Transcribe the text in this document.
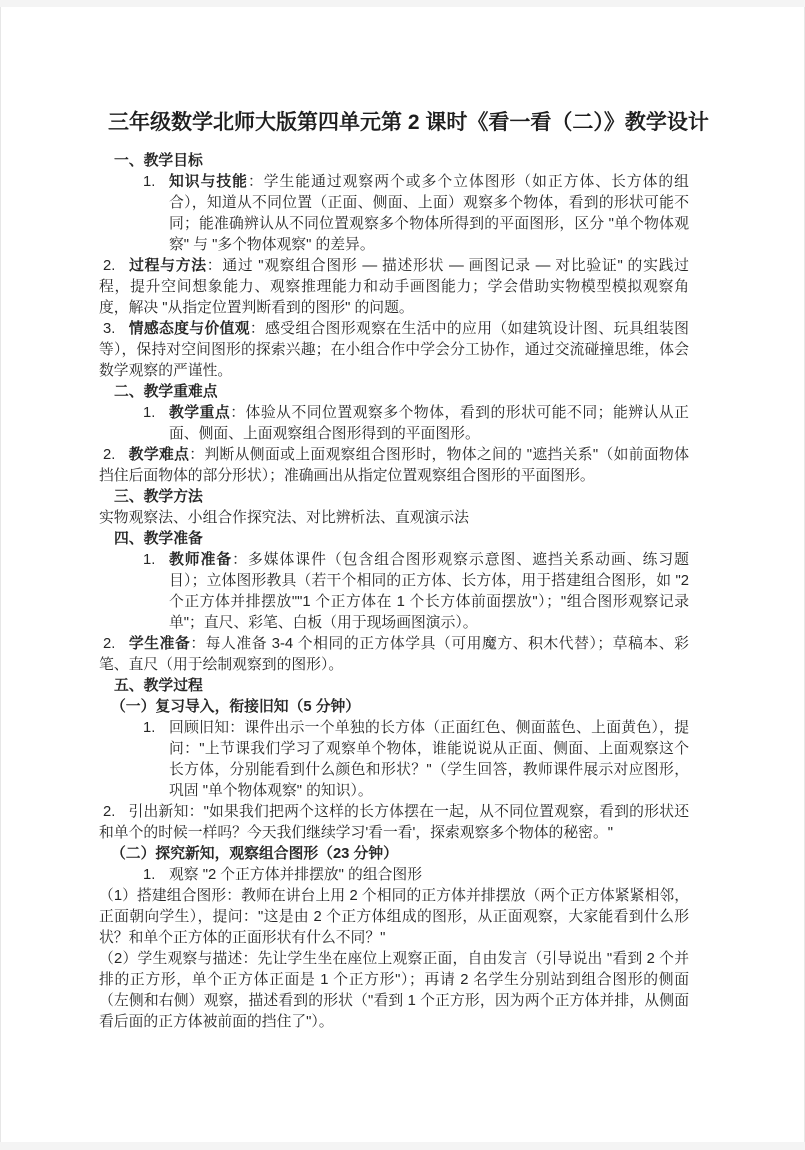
三年级数学北师大版第四单元第 2 课时《看一看（二）》教学设计
一、教学目标
1. 知识与技能：学生能通过观察两个或多个立体图形（如正方体、长方体的组合），知道从不同位置（正面、侧面、上面）观察多个物体，看到的形状可能不同；能准确辨认从不同位置观察多个物体所得到的平面图形，区分 "单个物体观察" 与 "多个物体观察" 的差异。

2. 过程与方法：通过 "观察组合图形 — 描述形状 — 画图记录 — 对比验证" 的实践过程，提升空间想象能力、观察推理能力和动手画图能力；学会借助实物模型模拟观察角度，解决 "从指定位置判断看到的图形" 的问题。

3. 情感态度与价值观：感受组合图形观察在生活中的应用（如建筑设计图、玩具组装图等），保持对空间图形的探索兴趣；在小组合作中学会分工协作，通过交流碰撞思维，体会数学观察的严谨性。

二、教学重难点
1. 教学重点：体验从不同位置观察多个物体，看到的形状可能不同；能辨认从正面、侧面、上面观察组合图形得到的平面图形。

2. 教学难点：判断从侧面或上面观察组合图形时，物体之间的 "遮挡关系"（如前面物体挡住后面物体的部分形状）；准确画出从指定位置观察组合图形的平面图形。

三、教学方法

实物观察法、小组合作探究法、对比辨析法、直观演示法

四、教学准备
1. 教师准备：多媒体课件（包含组合图形观察示意图、遮挡关系动画、练习题目）；立体图形教具（若干个相同的正方体、长方体，用于搭建组合图形，如 "2 个正方体并排摆放""1 个正方体在 1 个长方体前面摆放"）；"组合图形观察记录单"；直尺、彩笔、白板（用于现场画图演示）。

2. 学生准备：每人准备 3-4 个相同的正方体学具（可用魔方、积木代替）；草稿本、彩笔、直尺（用于绘制观察到的图形）。

五、教学过程
（一）复习导入，衔接旧知（5 分钟）
1. 回顾旧知：课件出示一个单独的长方体（正面红色、侧面蓝色、上面黄色），提问："上节课我们学习了观察单个物体，谁能说说从正面、侧面、上面观察这个长方体，分别能看到什么颜色和形状？"（学生回答，教师课件展示对应图形，巩固 "单个物体观察" 的知识）。

2. 引出新知："如果我们把两个这样的长方体摆在一起，从不同位置观察，看到的形状还和单个的时候一样吗？今天我们继续学习'看一看'，探索观察多个物体的秘密。"

（二）探究新知，观察组合图形（23 分钟）
1. 观察 "2 个正方体并排摆放" 的组合图形

（1）搭建组合图形：教师在讲台上用 2 个相同的正方体并排摆放（两个正方体紧紧相邻，正面朝向学生），提问："这是由 2 个正方体组成的图形，从正面观察，大家能看到什么形状？和单个正方体的正面形状有什么不同？"

（2）学生观察与描述：先让学生坐在座位上观察正面，自由发言（引导说出 "看到 2 个并排的正方形，单个正方体正面是 1 个正方形"）；再请 2 名学生分别站到组合图形的侧面（左侧和右侧）观察，描述看到的形状（"看到 1 个正方形，因为两个正方体并排，从侧面看后面的正方体被前面的挡住了"）。
